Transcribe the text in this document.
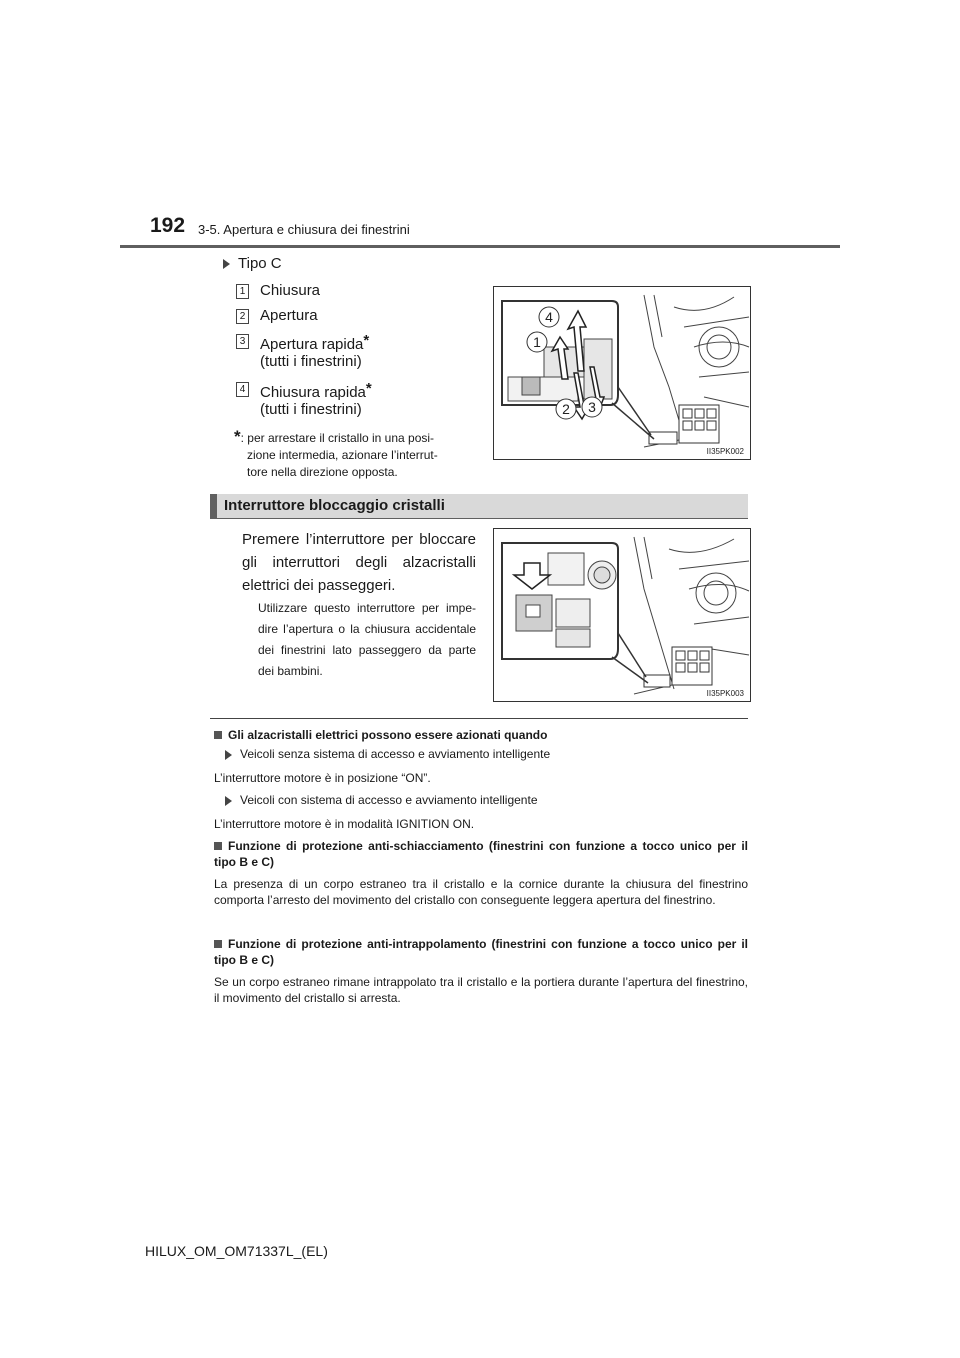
192 3-5. Apertura e chiusura dei finestrini
Tipo C
1 Chiusura
2 Apertura
3 Apertura rapida*
(tutti i finestrini)
4 Chiusura rapida*
(tutti i finestrini)
*: per arrestare il cristallo in una posi-
zione intermedia, azionare l’interrut-
tore nella direzione opposta.
4
1
2 3
II35PK002
Interruttore bloccaggio cristalli
Premere l’interruttore per bloccare gli interruttori degli alzacristalli elettrici dei passeggeri.
Utilizzare questo interruttore per impe-dire l’apertura o la chiusura accidentale dei finestrini lato passeggero da parte dei bambini.
II35PK003
Gli alzacristalli elettrici possono essere azionati quando
Veicoli senza sistema di accesso e avviamento intelligente
L’interruttore motore è in posizione “ON”.
Veicoli con sistema di accesso e avviamento intelligente
L’interruttore motore è in modalità IGNITION ON.
Funzione di protezione anti-schiacciamento (finestrini con funzione a tocco unico per il tipo B e C)
La presenza di un corpo estraneo tra il cristallo e la cornice durante la chiusura del finestrino comporta l’arresto del movimento del cristallo con conseguente leggera apertura del finestrino.
Funzione di protezione anti-intrappolamento (finestrini con funzione a tocco unico per il tipo B e C)
Se un corpo estraneo rimane intrappolato tra il cristallo e la portiera durante l’apertura del finestrino, il movimento del cristallo si arresta.
HILUX_OM_OM71337L_(EL)
